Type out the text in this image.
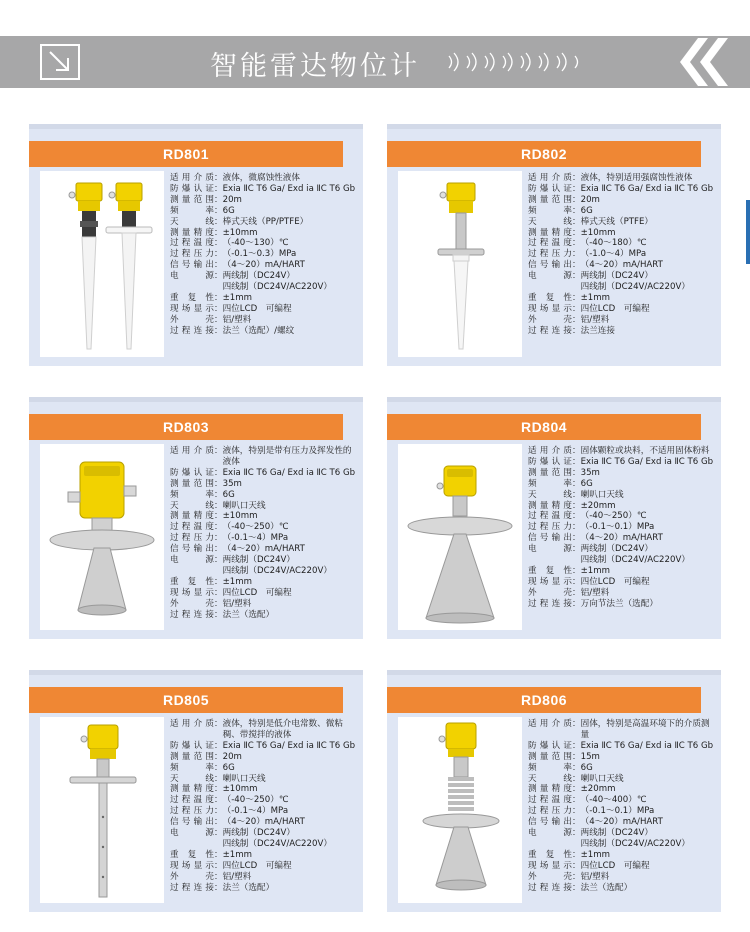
智能雷达物位计
RD801
适用介质 ： 液体，微腐蚀性液体
防爆认证 ： Exia ⅡC T6 Ga/ Exd ia ⅡC T6 Gb
测量范围 ： 20m
频率 ： 6G
天线 ： 棒式天线（PP/PTFE）
测量精度 ： ±10mm
过程温度 ： （-40～130）℃
过程压力 ： （-0.1～0.3）MPa
信号输出 ： （4～20）mA/HART
电源 ： 两线制（DC24V）

四线制（DC24V/AC220V）
重复性 ： ±1mm
现场显示 ： 四位LCD　可编程
外壳 ： 铝/塑料
过程连接 ： 法兰（选配）/螺纹
RD802
适用介质 ： 液体，特别适用强腐蚀性液体
防爆认证 ： Exia ⅡC T6 Ga/ Exd ia ⅡC T6 Gb
测量范围 ： 20m
频率 ： 6G
天线 ： 棒式天线（PTFE）
测量精度 ： ±10mm
过程温度 ： （-40～180）℃
过程压力 ： （-1.0～4）MPa
信号输出 ： （4～20）mA/HART
电源 ： 两线制（DC24V）

四线制（DC24V/AC220V）
重复性 ： ±1mm
现场显示 ： 四位LCD　可编程
外壳 ： 铝/塑料
过程连接 ： 法兰连接
RD803
适用介质 ： 液体，特别是带有压力及挥发性的液体
防爆认证 ： Exia ⅡC T6 Ga/ Exd ia ⅡC T6 Gb
测量范围 ： 35m
频率 ： 6G
天线 ： 喇叭口天线
测量精度 ： ±10mm
过程温度 ： （-40～250）℃
过程压力 ： （-0.1～4）MPa
信号输出 ： （4～20）mA/HART
电源 ： 两线制（DC24V）

四线制（DC24V/AC220V）
重复性 ： ±1mm
现场显示 ： 四位LCD　可编程
外壳 ： 铝/塑料
过程连接 ： 法兰（选配）
RD804
适用介质 ： 固体颗粒或块料，不适用固体粉料
防爆认证 ： Exia ⅡC T6 Ga/ Exd ia ⅡC T6 Gb
测量范围 ： 35m
频率 ： 6G
天线 ： 喇叭口天线
测量精度 ： ±20mm
过程温度 ： （-40～250）℃
过程压力 ： （-0.1～0.1）MPa
信号输出 ： （4～20）mA/HART
电源 ： 两线制（DC24V）

四线制（DC24V/AC220V）
重复性 ： ±1mm
现场显示 ： 四位LCD　可编程
外壳 ： 铝/塑料
过程连接 ： 万向节法兰（选配）
RD805
适用介质 ： 液体，特别是低介电常数、微粘稠、带搅拌的液体
防爆认证 ： Exia ⅡC T6 Ga/ Exd ia ⅡC T6 Gb
测量范围 ： 20m
频率 ： 6G
天线 ： 喇叭口天线
测量精度 ： ±10mm
过程温度 ： （-40～250）℃
过程压力 ： （-0.1～4）MPa
信号输出 ： （4～20）mA/HART
电源 ： 两线制（DC24V）

四线制（DC24V/AC220V）
重复性 ： ±1mm
现场显示 ： 四位LCD　可编程
外壳 ： 铝/塑料
过程连接 ： 法兰（选配）
RD806
适用介质 ： 固体，特别是高温环境下的介质测量
防爆认证 ： Exia ⅡC T6 Ga/ Exd ia ⅡC T6 Gb
测量范围 ： 15m
频率 ： 6G
天线 ： 喇叭口天线
测量精度 ： ±20mm
过程温度 ： （-40～400）℃
过程压力 ： （-0.1～0.1）MPa
信号输出 ： （4～20）mA/HART
电源 ： 两线制（DC24V）

四线制（DC24V/AC220V）
重复性 ： ±1mm
现场显示 ： 四位LCD　可编程
外壳 ： 铝/塑料
过程连接 ： 法兰（选配）
